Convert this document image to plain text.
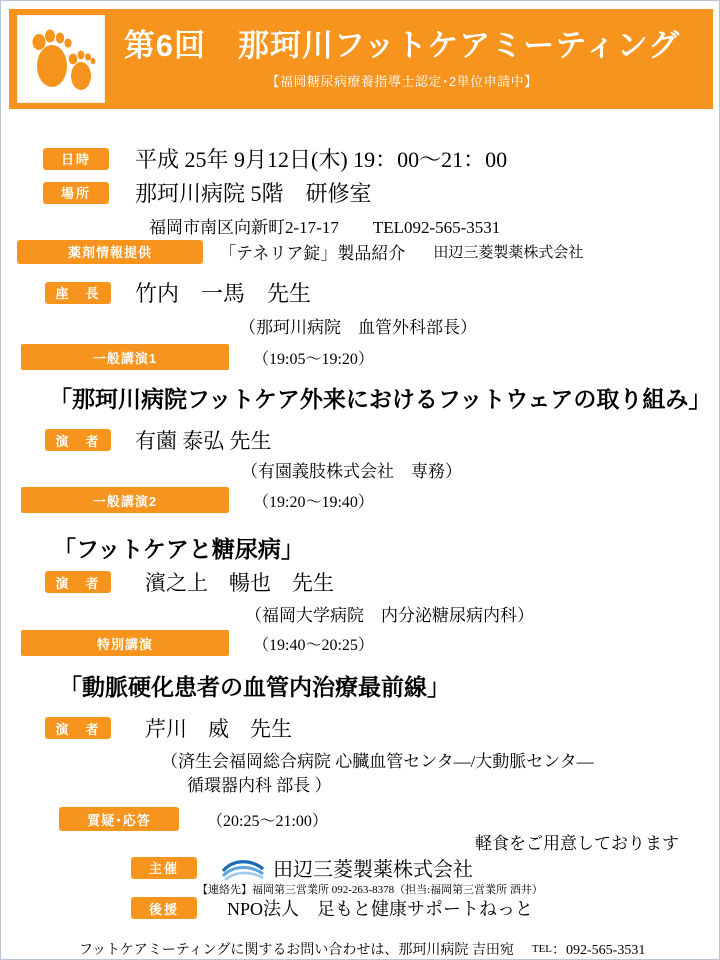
第6回　那珂川フットケアミーティング
【福岡糖尿病療養指導士認定･2単位申請中】
日時	平成 25年 9月12日(木) 19：00〜21：00
場所	那珂川病院 5階　研修室
福岡市南区向新町2-17-17　　TEL092-565-3531
薬剤情報提供	「テネリア錠」製品紹介 田辺三菱製薬株式会社
座　長	竹内　一馬　先生
（那珂川病院　血管外科部長）
一般講演1	（19:05〜19:20）
「那珂川病院フットケア外来におけるフットウェアの取り組み」
演　者	有薗 泰弘 先生
（有園義肢株式会社　専務）
一般講演2	（19:20〜19:40）
「フットケアと糖尿病」
演　者	濱之上　暢也　先生
（福岡大学病院　内分泌糖尿病内科）
特別講演	（19:40〜20:25）
「動脈硬化患者の血管内治療最前線」
演　者	芹川　威　先生
（済生会福岡総合病院 心臓血管センタ―/大動脈センタ―
循環器内科 部長 ）
質疑･応答	（20:25〜21:00）
軽食をご用意しております
主催	田辺三菱製薬株式会社
【連絡先】福岡第三営業所 092-263-8378（担当:福岡第三営業所 酒井）
後援	NPO法人　足もと健康サポートねっと
フットケアミーティングに関するお問い合わせは、那珂川病院 吉田宛　 TEL ：092-565-3531
